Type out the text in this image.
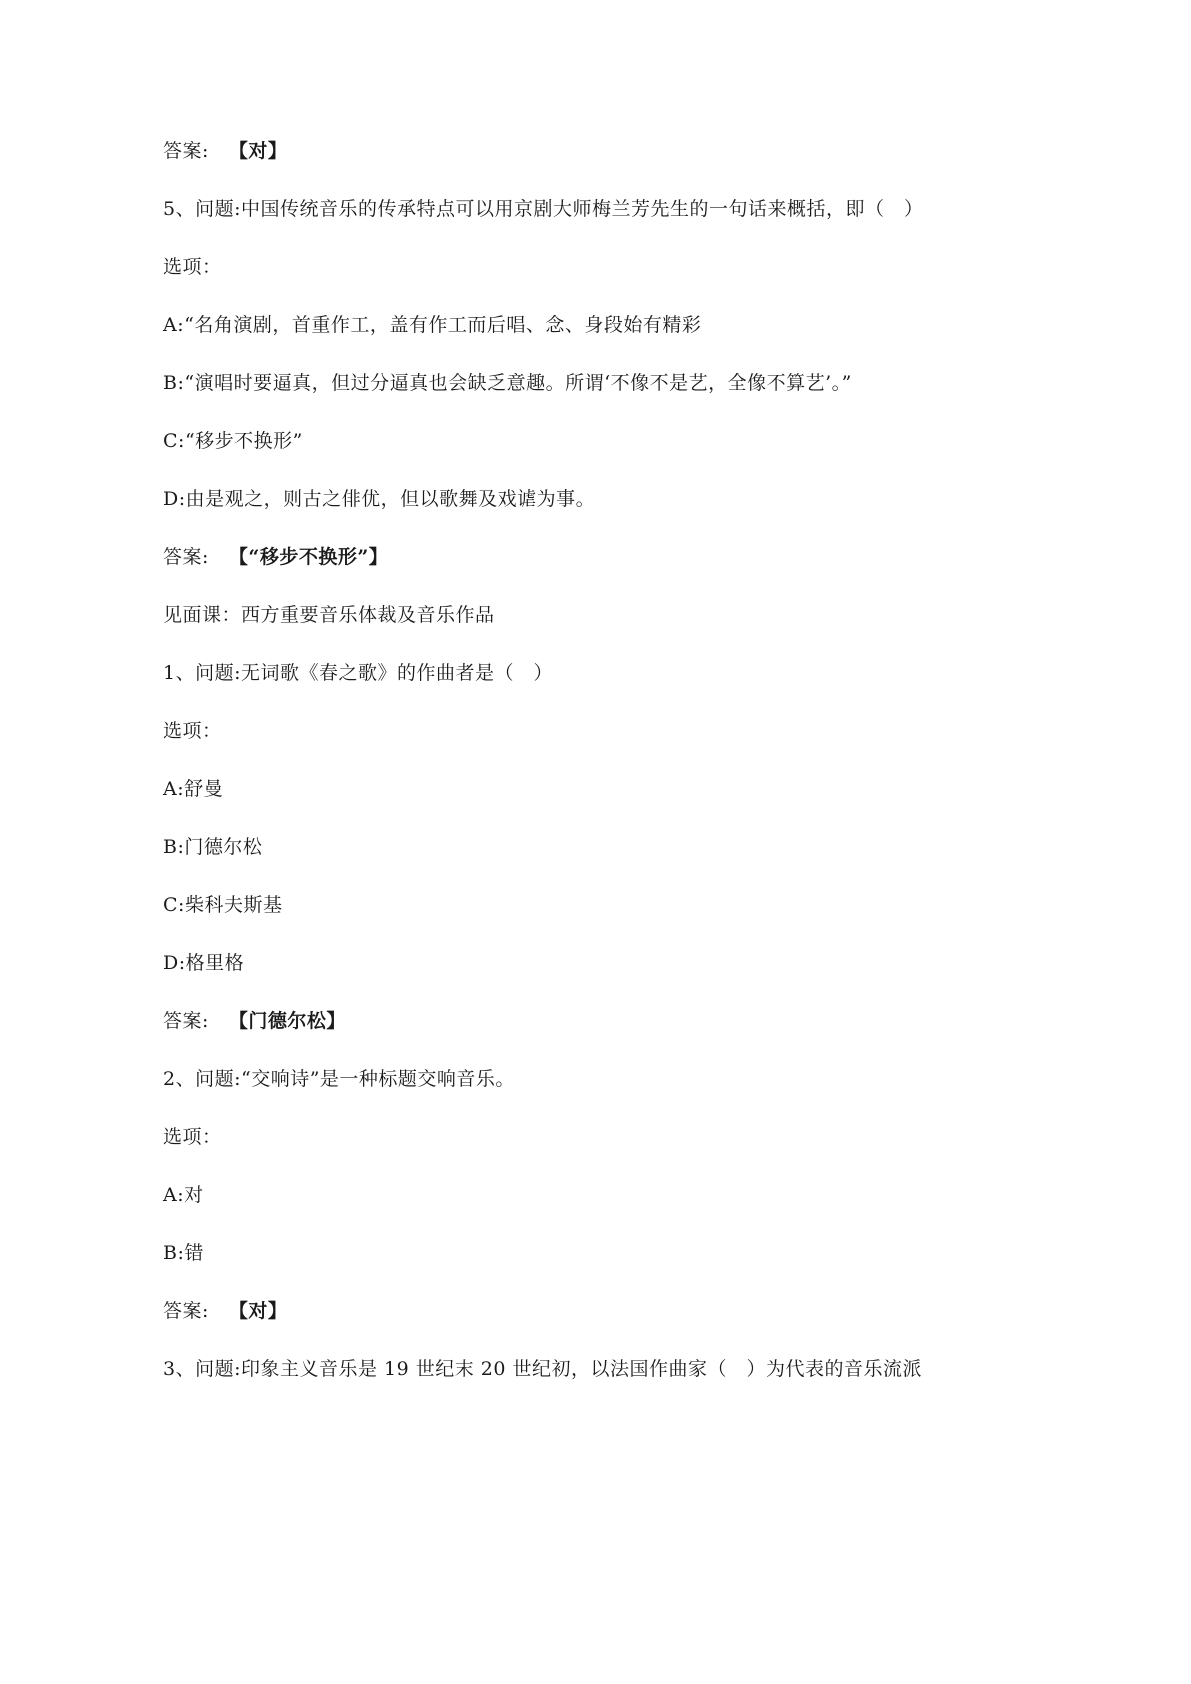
答案: 【对】
5、问题:中国传统音乐的传承特点可以用京剧大师梅兰芳先生的一句话来概括，即（　）
选项：
A:“名角演剧，首重作工，盖有作工而后唱、念、身段始有精彩
B:“演唱时要逼真，但过分逼真也会缺乏意趣。所谓‘不像不是艺，全像不算艺’。”
C:“移步不换形”
D:由是观之，则古之俳优，但以歌舞及戏谑为事。
答案: 【“移步不换形”】
见面课：西方重要音乐体裁及音乐作品
1、问题:无词歌《春之歌》的作曲者是（　）
选项：
A:舒曼
B:门德尔松
C:柴科夫斯基
D:格里格
答案: 【门德尔松】
2、问题:“交响诗”是一种标题交响音乐。
选项：
A:对
B:错
答案: 【对】
3、问题:印象主义音乐是 19 世纪末 20 世纪初，以法国作曲家（　）为代表的音乐流派
